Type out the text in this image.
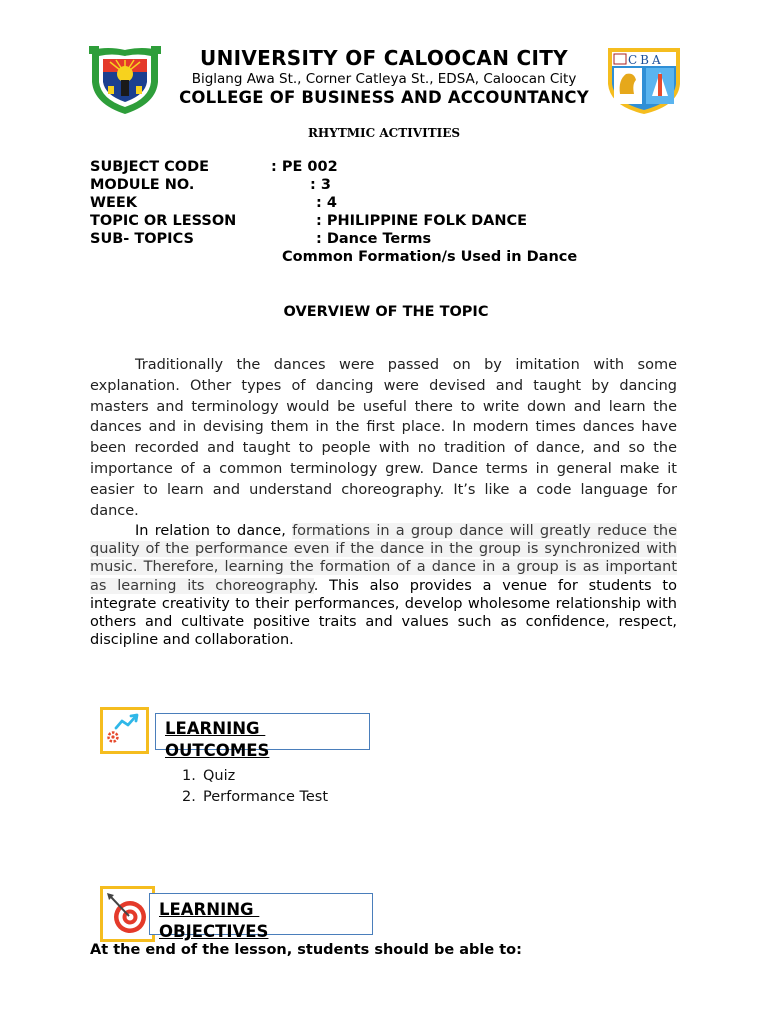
UNIVERSITY OF CALOOCAN CITY
Biglang Awa St., Corner Catleya St., EDSA, Caloocan City
COLLEGE OF BUSINESS AND ACCOUNTANCY
CBA
RHYTMIC ACTIVITIES
SUBJECT CODE	: PE 002
MODULE NO.	: 3
WEEK	: 4
TOPIC OR LESSON	: PHILIPPINE FOLK DANCE
SUB- TOPICS	: Dance Terms
Common Formation/s Used in Dance
OVERVIEW OF THE TOPIC
Traditionally the dances were passed on by imitation with some explanation. Other types of dancing were devised and taught by dancing masters and terminology would be useful there to write down and learn the dances and in devising them in the first place. In modern times dances have been recorded and taught to people with no tradition of dance, and so the importance of a common terminology grew. Dance terms in general make it easier to learn and understand choreography. It’s like a code language for dance.
In relation to dance, formations in a group dance will greatly reduce the quality of the performance even if the dance in the group is synchronized with music. Therefore, learning the formation of a dance in a group is as important as learning its choreography. This also provides a venue for students to integrate creativity to their performances, develop wholesome relationship with others and cultivate positive traits and values such as confidence, respect, discipline and collaboration.
LEARNING
OUTCOMES
1. Quiz
2. Performance Test
LEARNING
OBJECTIVES
At the end of the lesson, students should be able to:
